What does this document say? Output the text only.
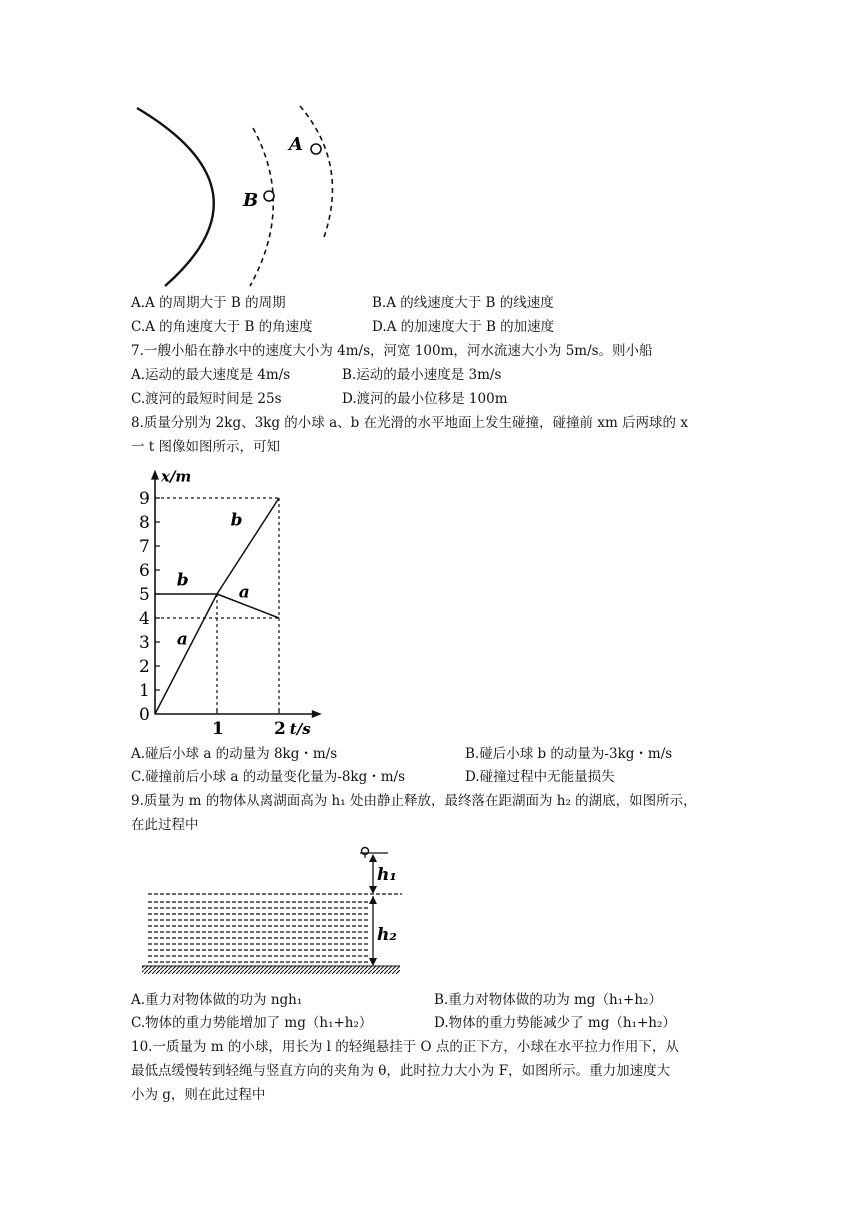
B
A
A.A 的周期大于 B 的周期	B.A 的线速度大于 B 的线速度
C.A 的角速度大于 B 的角速度	D.A 的加速度大于 B 的加速度
7.一艘小船在静水中的速度大小为 4m/s，河宽 100m，河水流速大小为 5m/s。则小船
A.运动的最大速度是 4m/s	B.运动的最小速度是 3m/s
C.渡河的最短时间是 25s	D.渡河的最小位移是 100m
8.质量分别为 2kg、3kg 的小球 a、b 在光滑的水平地面上发生碰撞，碰撞前 xm 后两球的 x
一 t 图像如图所示，可知
x/m
t/s
1
2
3
4
5
6
7
8
9
0
1	2
a
a
b
b
A.碰后小球 a 的动量为 8kg・m/s	B.碰后小球 b 的动量为-3kg・m/s
C.碰撞前后小球 a 的动量变化量为-8kg・m/s	D.碰撞过程中无能量损失
9.质量为 m 的物体从离湖面高为 h₁ 处由静止释放，最终落在距湖面为 h₂ 的湖底，如图所示，
在此过程中
h₁
h₂
A.重力对物体做的功为 ngh₁	B.重力对物体做的功为 mg（h₁+h₂）
C.物体的重力势能增加了 mg（h₁+h₂）	D.物体的重力势能减少了 mg（h₁+h₂）
10.一质量为 m 的小球，用长为 l 的轻绳悬挂于 O 点的正下方，小球在水平拉力作用下，从
最低点缓慢转到轻绳与竖直方向的夹角为 θ，此时拉力大小为 F，如图所示。重力加速度大
小为 g，则在此过程中
